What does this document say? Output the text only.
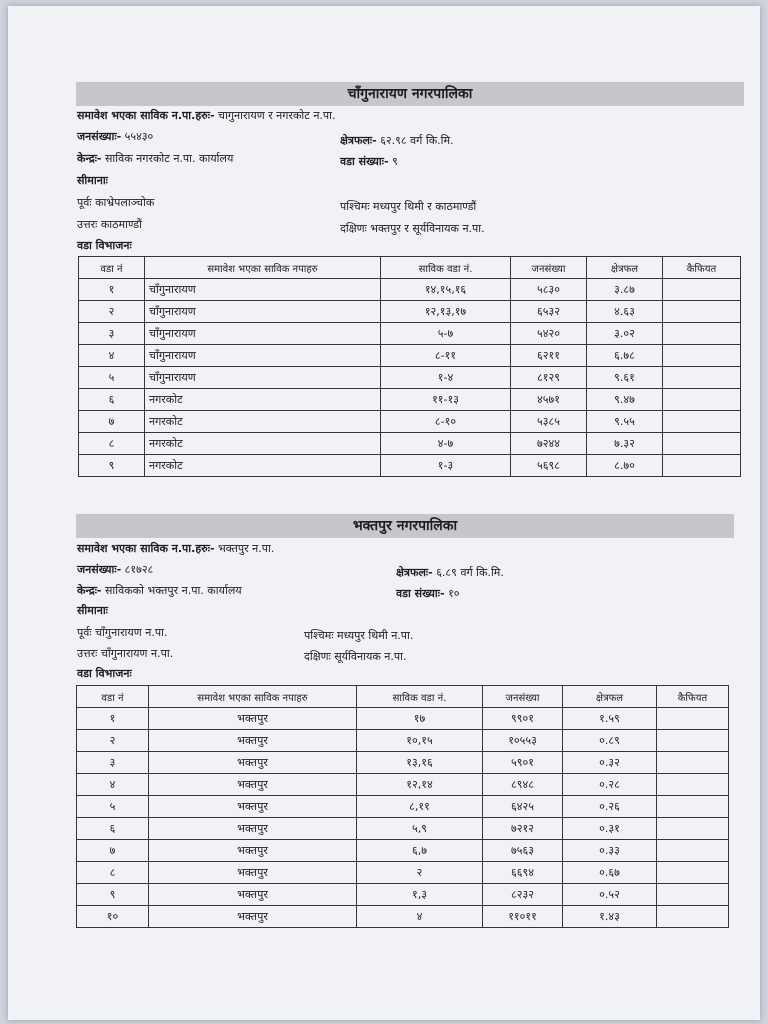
चाँगुनारायण नगरपालिका
समावेश भएका साविक न.पा.हरुः- चागुनारायण र नगरकोट न.पा.
जनसंख्याः- ५५४३०	क्षेत्रफलः- ६२.९८ वर्ग कि.मि.
केन्द्रः- साविक नगरकोट न.पा. कार्यालय	वडा संख्याः- ९
सीमानाः
पूर्वः काभ्रेपलाञ्चोक	पश्चिमः मध्यपुर थिमी र काठमाण्डौं
उत्तरः काठमाण्डौं	दक्षिणः भक्तपुर र सूर्यविनायक न.पा.
वडा विभाजनः
वडा नं	समावेश भएका साविक नपाहरु	साविक वडा नं.	जनसंख्या	क्षेत्रफल	कैफियत
१	चाँगुनारायण	१४,१५,१६	५८३०	३.८७	
२	चाँगुनारायण	१२,१३,१७	६५३२	४.६३	
३	चाँगुनारायण	५-७	५४२०	३.०२	
४	चाँगुनारायण	८-११	६२११	६.७८	
५	चाँगुनारायण	१-४	८१२९	९.६१	
६	नगरकोट	११-१३	४५७१	९.४७	
७	नगरकोट	८-१०	५३८५	९.५५	
८	नगरकोट	४-७	७२४४	७.३२	
९	नगरकोट	१-३	५६९८	८.७०	
भक्तपुर नगरपालिका
समावेश भएका साविक न.पा.हरुः- भक्तपुर न.पा.
जनसंख्याः- ८१७२८	क्षेत्रफलः- ६.८९ वर्ग कि.मि.
केन्द्रः- साविकको भक्तपुर न.पा. कार्यालय	वडा संख्याः- १०
सीमानाः
पूर्वः चाँगुनारायण न.पा.	पश्चिमः मध्यपुर थिमी न.पा.
उत्तरः चाँगुनारायण न.पा.	दक्षिणः सूर्यविनायक न.पा.
वडा विभाजनः
वडा नं	समावेश भएका साविक नपाहरु	साविक वडा नं.	जनसंख्या	क्षेत्रफल	कैफियत
१	भक्तपुर	१७	९९०१	१.५९	
२	भक्तपुर	१०,१५	१०५५३	०.८९	
३	भक्तपुर	१३,१६	५९०१	०.३२	
४	भक्तपुर	१२,१४	८९४८	०.२८	
५	भक्तपुर	८,११	६४२५	०.२६	
६	भक्तपुर	५,९	७२१२	०.३१	
७	भक्तपुर	६,७	७५६३	०.३३	
८	भक्तपुर	२	६६९४	०.६७	
९	भक्तपुर	१,३	८२३२	०.५२	
१०	भक्तपुर	४	११०११	१.४३	
